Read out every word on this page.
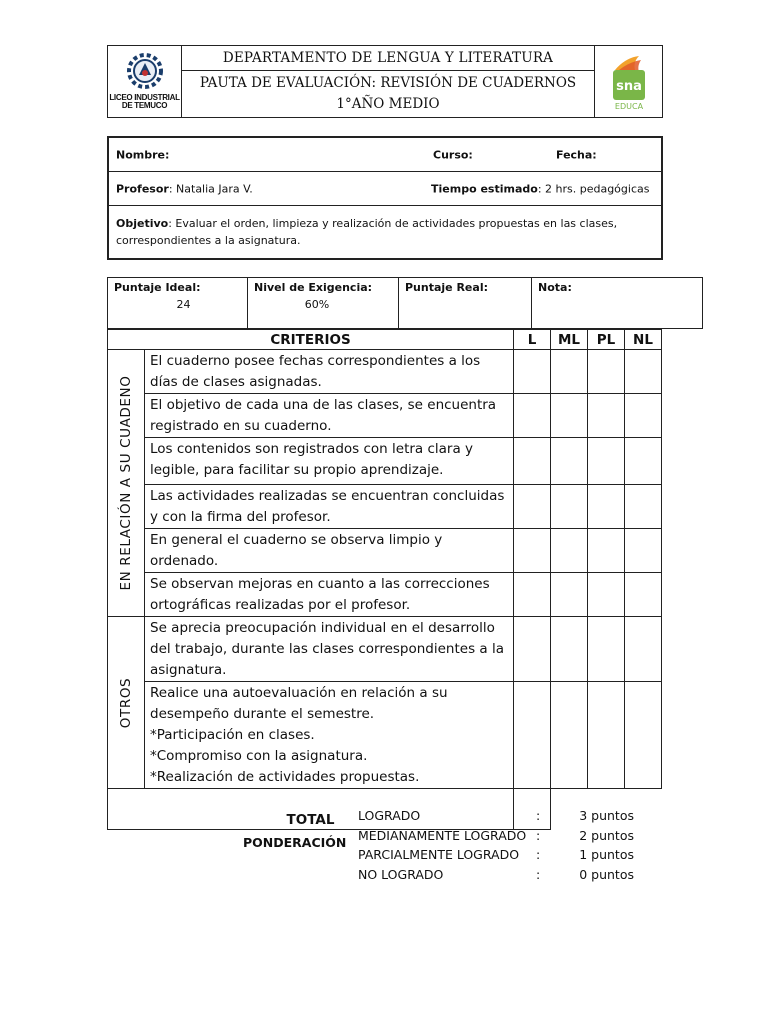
LICEO INDUSTRIAL
DE TEMUCO
DEPARTAMENTO DE LENGUA Y LITERATURA
PAUTA DE EVALUACIÓN: REVISIÓN DE CUADERNOS
1°AÑO MEDIO
sna
EDUCA
Nombre:	Curso:	Fecha:
Profesor: Natalia Jara V.	Tiempo estimado: 2 hrs. pedagógicas
Objetivo: Evaluar el orden, limpieza y realización de actividades propuestas en las clases, correspondientes a la asignatura.
Puntaje Ideal:
24
Nivel de Exigencia:
60%
Puntaje Real:	Nota:
CRITERIOS		L	ML	PL	NL

EN RELACIÓN A SU CUADENO	El cuaderno posee fechas correspondientes a los días de clases asignadas.				
	El objetivo de cada una de las clases, se encuentra registrado en su cuaderno.				
	Los contenidos son registrados con letra clara y legible, para facilitar su propio aprendizaje.				
	Las actividades realizadas se encuentran concluidas y con la firma del profesor.				
	En general el cuaderno se observa limpio y ordenado.				
	Se observan mejoras en cuanto a las correcciones ortográficas realizadas por el profesor.				

OTROS	Se aprecia preocupación individual en el desarrollo del trabajo, durante las clases correspondientes a la asignatura.				

	Realice una autoevaluación en relación a su desempeño durante el semestre.
*Participación en clases.
*Compromiso con la asignatura.
*Realización de actividades propuestas.				

TOTAL					
PONDERACIÓN
LOGRADO	:	3 puntos
MEDIANAMENTE LOGRADO :	2 puntos
PARCIALMENTE LOGRADO :	1 puntos
NO LOGRADO	:	0 puntos
